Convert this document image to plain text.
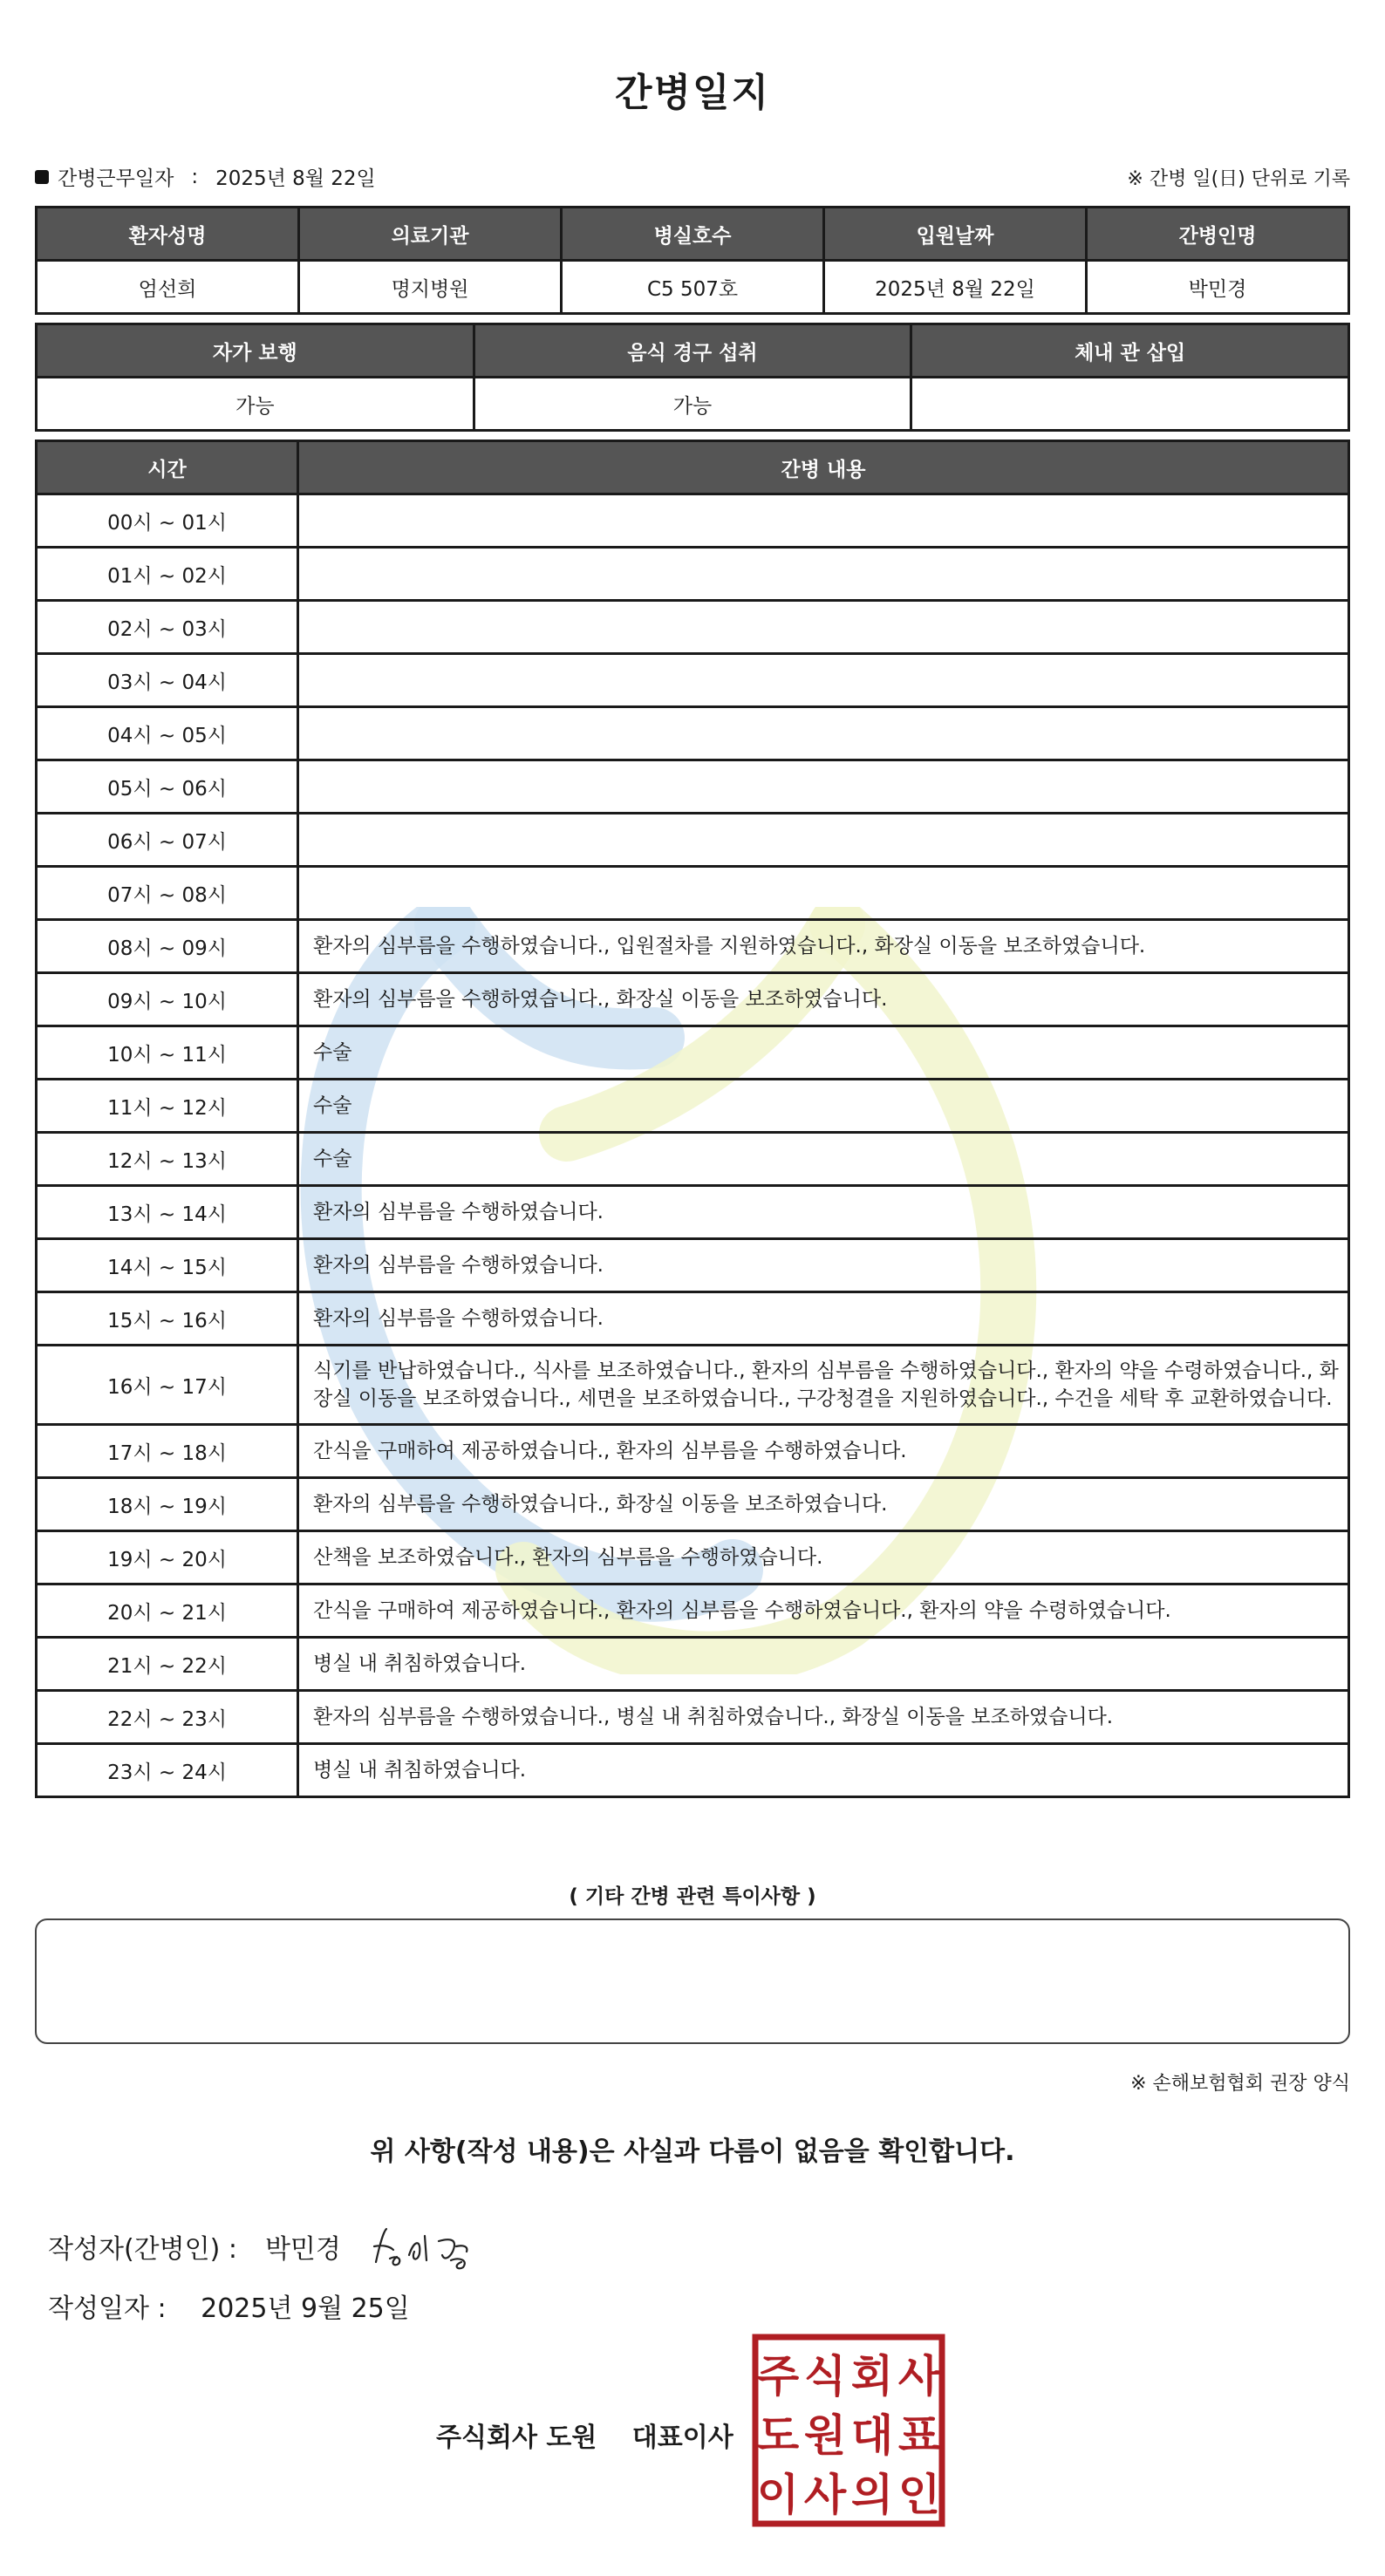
간병일지
간병근무일자 : 2025년 8월 22일	※ 간병 일(日) 단위로 기록
환자성명	의료기관	병실호수	입원날짜	간병인명
엄선희	명지병원	C5 507호	2025년 8월 22일	박민경
자가 보행	음식 경구 섭취	체내 관 삽입
가능	가능	
시간	간병 내용
00시 ~ 01시	
01시 ~ 02시	
02시 ~ 03시	
03시 ~ 04시	
04시 ~ 05시	
05시 ~ 06시	
06시 ~ 07시	
07시 ~ 08시	
08시 ~ 09시	환자의 심부름을 수행하였습니다., 입원절차를 지원하였습니다., 화장실 이동을 보조하였습니다.
09시 ~ 10시	환자의 심부름을 수행하였습니다., 화장실 이동을 보조하였습니다.
10시 ~ 11시	수술
11시 ~ 12시	수술
12시 ~ 13시	수술
13시 ~ 14시	환자의 심부름을 수행하였습니다.
14시 ~ 15시	환자의 심부름을 수행하였습니다.
15시 ~ 16시	환자의 심부름을 수행하였습니다.
16시 ~ 17시	식기를 반납하였습니다., 식사를 보조하였습니다., 환자의 심부름을 수행하였습니다., 환자의 약을 수령하였습니다., 화장실 이동을 보조하였습니다., 세면을 보조하였습니다., 구강청결을 지원하였습니다., 수건을 세탁 후 교환하였습니다.
17시 ~ 18시	간식을 구매하여 제공하였습니다., 환자의 심부름을 수행하였습니다.
18시 ~ 19시	환자의 심부름을 수행하였습니다., 화장실 이동을 보조하였습니다.
19시 ~ 20시	산책을 보조하였습니다., 환자의 심부름을 수행하였습니다.
20시 ~ 21시	간식을 구매하여 제공하였습니다., 환자의 심부름을 수행하였습니다., 환자의 약을 수령하였습니다.
21시 ~ 22시	병실 내 취침하였습니다.
22시 ~ 23시	환자의 심부름을 수행하였습니다., 병실 내 취침하였습니다., 화장실 이동을 보조하였습니다.
23시 ~ 24시	병실 내 취침하였습니다.
( 기타 간병 관련 특이사항 )
※ 손해보험협회 권장 양식
위 사항(작성 내용)은 사실과 다름이 없음을 확인합니다.
작성자(간병인) : 박민경
작성일자 : 2025년 9월 25일
주식회사 도원 대표이사
주 식 회 사
도 원 대 표
이 사 의 인
